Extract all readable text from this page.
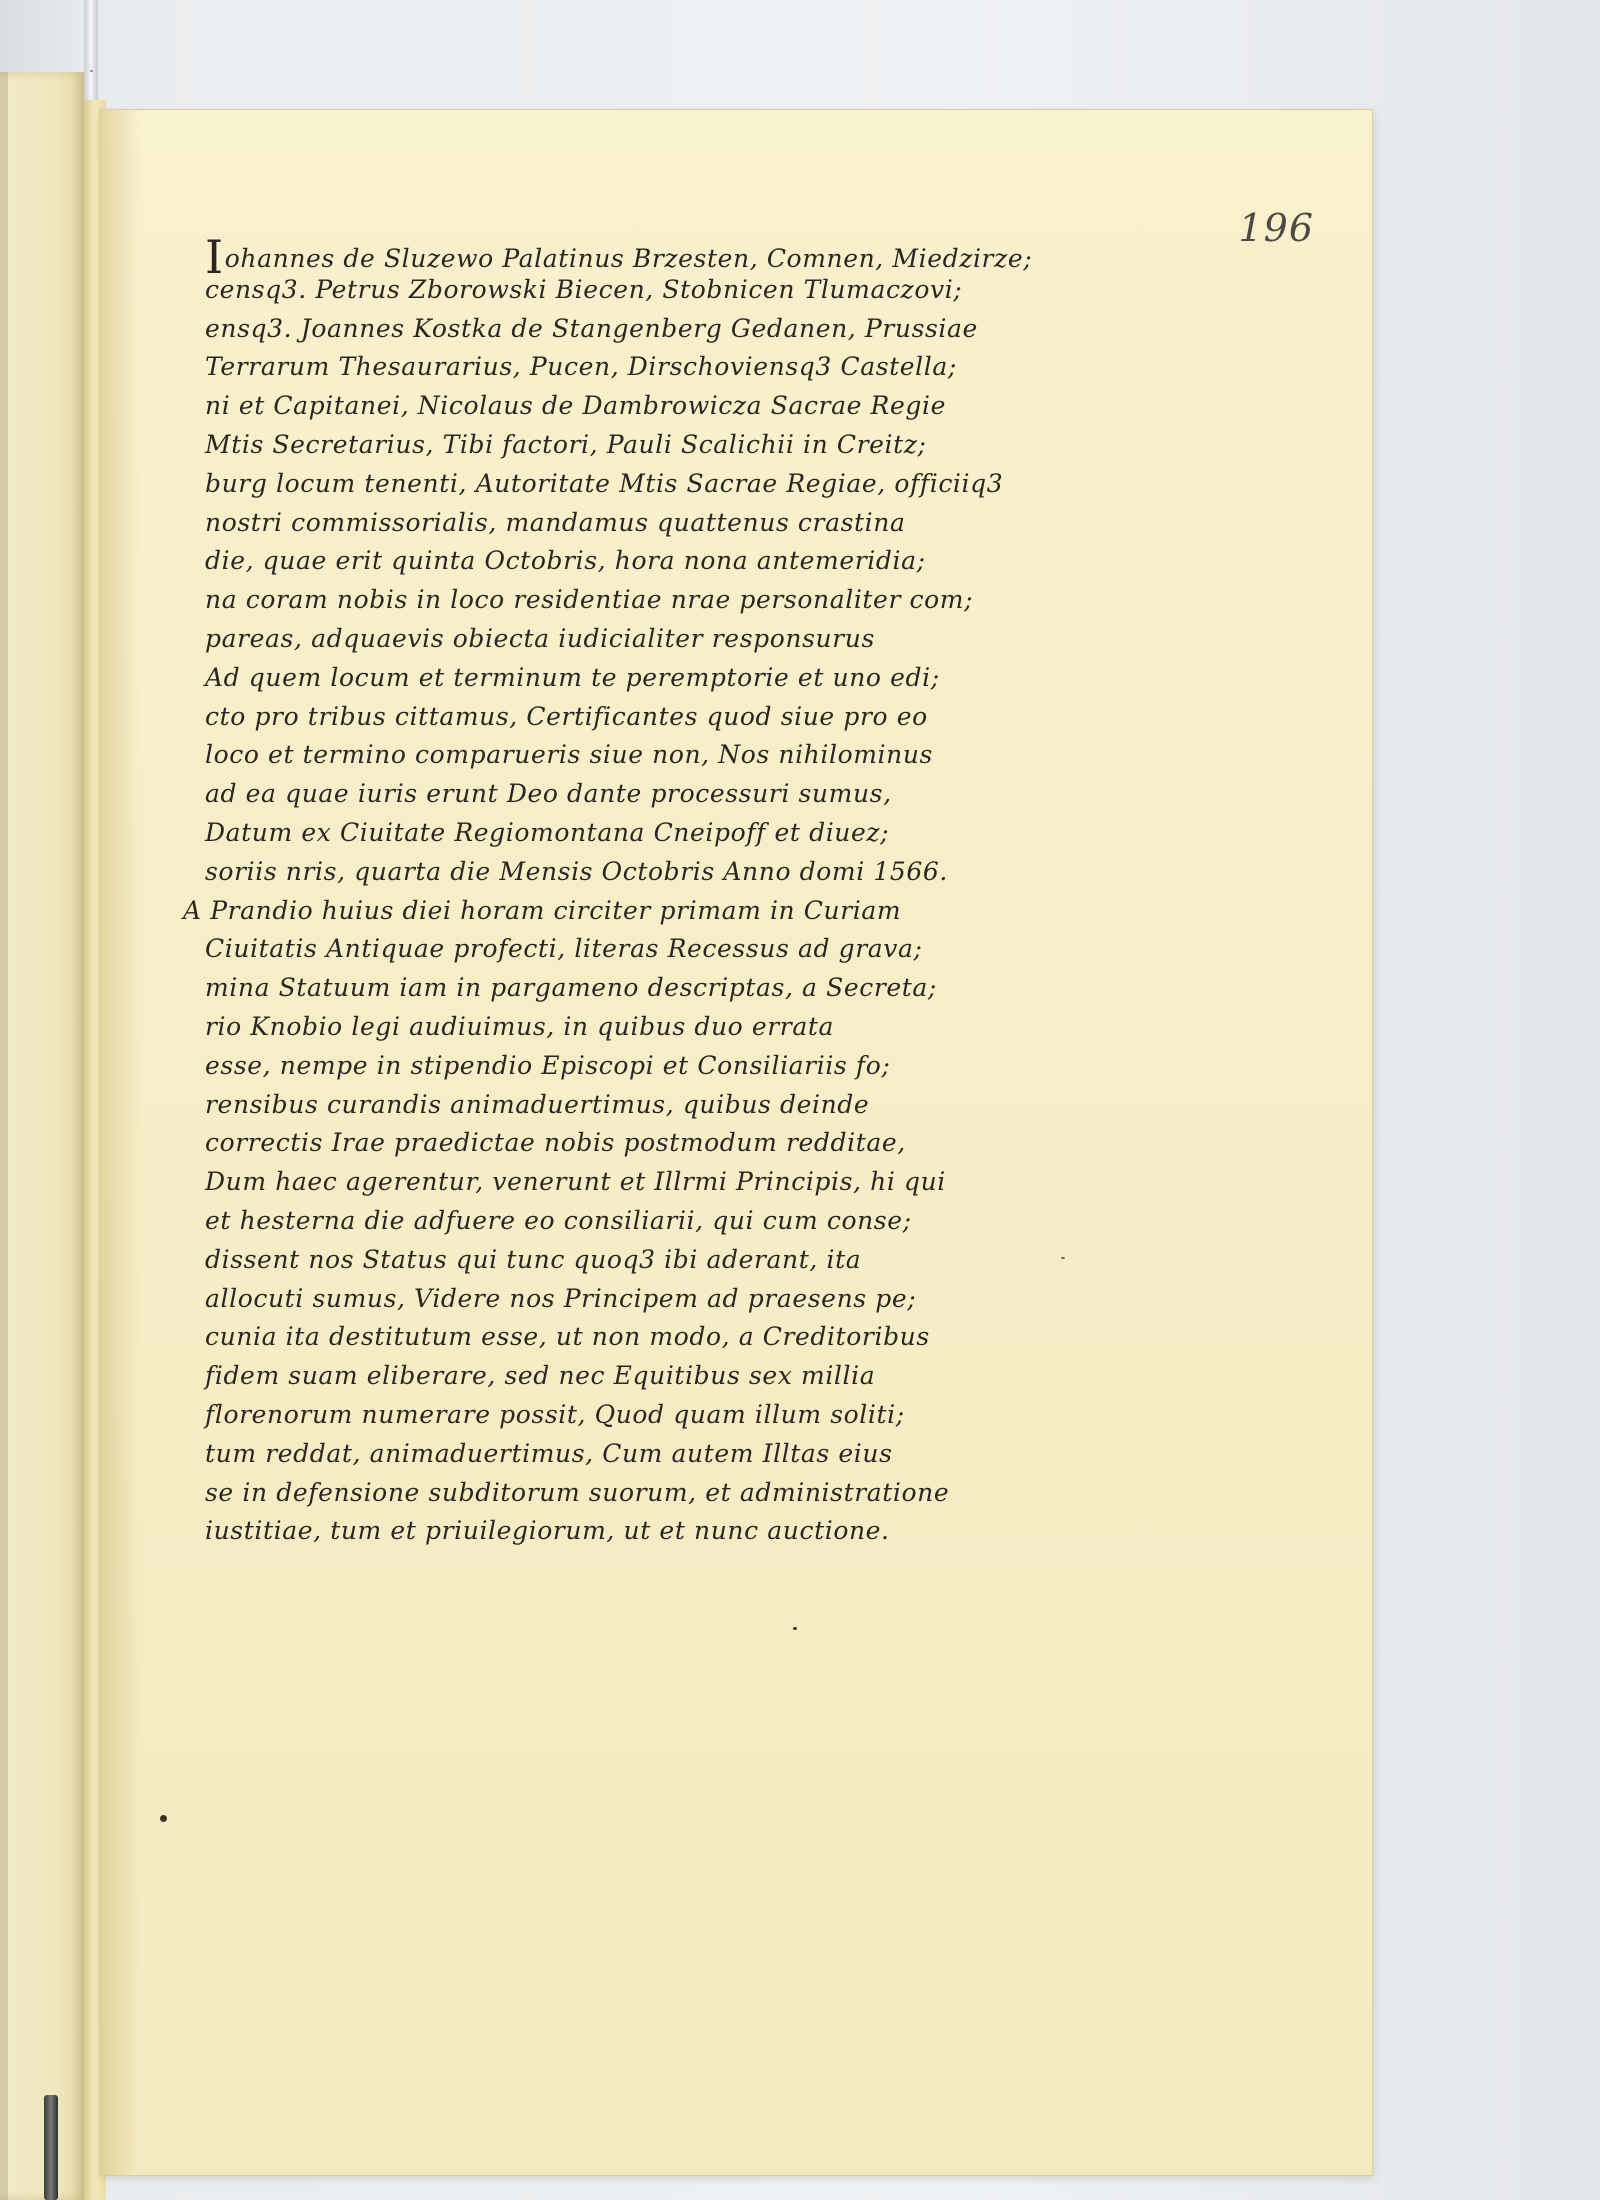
196
Iohannes de Sluzewo Palatinus Brzesten, Comnen, Miedzirze;
censq3. Petrus Zborowski Biecen, Stobnicen Tlumaczovi;
ensq3. Joannes Kostka de Stangenberg Gedanen, Prussiae
Terrarum Thesaurarius, Pucen, Dirschoviensq3 Castella;
ni et Capitanei, Nicolaus de Dambrowicza Sacrae Regie
Mtis Secretarius, Tibi factori, Pauli Scalichii in Creitz;
burg locum tenenti, Autoritate Mtis Sacrae Regiae, officiiq3
nostri commissorialis, mandamus quattenus crastina
die, quae erit quinta Octobris, hora nona antemeridia;
na coram nobis in loco residentiae nrae personaliter com;
pareas, adquaevis obiecta iudicialiter responsurus
Ad quem locum et terminum te peremptorie et uno edi;
cto pro tribus cittamus, Certificantes quod siue pro eo
loco et termino comparueris siue non, Nos nihilominus
ad ea quae iuris erunt Deo dante processuri sumus,
Datum ex Ciuitate Regiomontana Cneipoff et diuez;
soriis nris, quarta die Mensis Octobris Anno domi 1566.
A Prandio huius diei horam circiter primam in Curiam
Ciuitatis Antiquae profecti, literas Recessus ad grava;
mina Statuum iam in pargameno descriptas, a Secreta;
rio Knobio legi audiuimus, in quibus duo errata
esse, nempe in stipendio Episcopi et Consiliariis fo;
rensibus curandis animaduertimus, quibus deinde
correctis Irae praedictae nobis postmodum redditae,
Dum haec agerentur, venerunt et Illrmi Principis, hi qui
et hesterna die adfuere eo consiliarii, qui cum conse;
dissent nos Status qui tunc quoq3 ibi aderant, ita
allocuti sumus, Videre nos Principem ad praesens pe;
cunia ita destitutum esse, ut non modo, a Creditoribus
fidem suam eliberare, sed nec Equitibus sex millia
florenorum numerare possit, Quod quam illum soliti;
tum reddat, animaduertimus, Cum autem Illtas eius
se in defensione subditorum suorum, et administratione
iustitiae, tum et priuilegiorum, ut et nunc auctione.
